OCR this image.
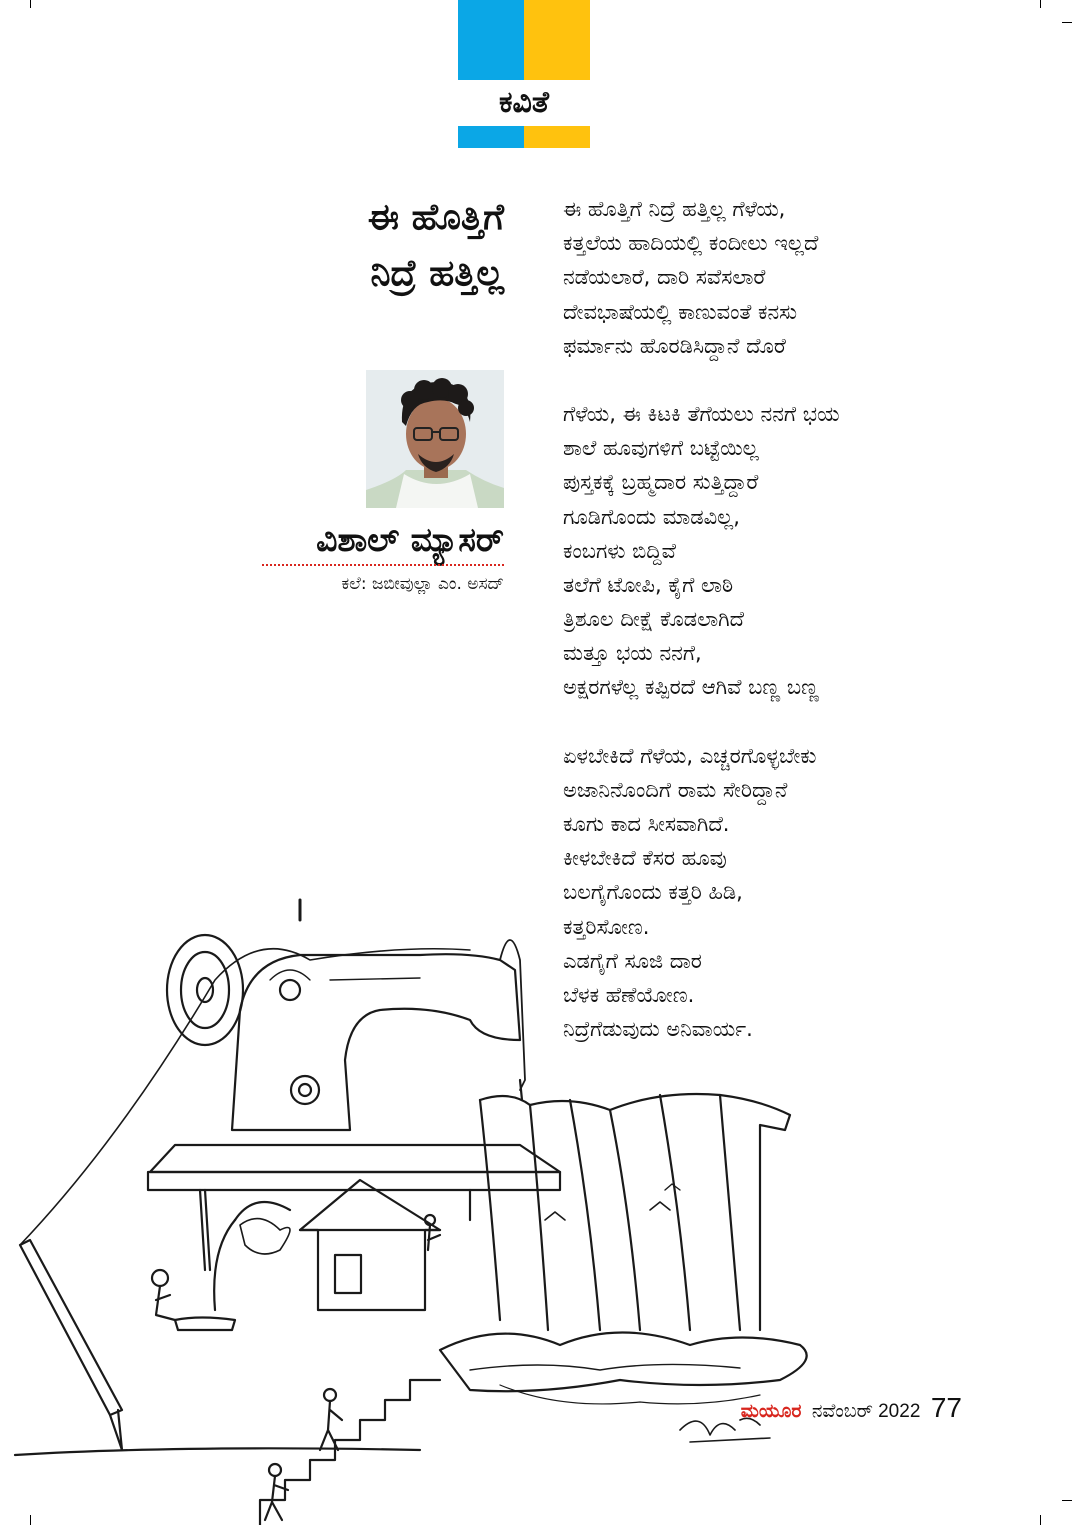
ಕವಿತೆ
ಈ ಹೊತ್ತಿಗೆ
ನಿದ್ರೆ ಹತ್ತಿಲ್ಲ
ವಿಶಾಲ್ ಮ್ಯಾಸರ್
ಕಲೆ: ಜಬೀವುಲ್ಲಾ ಎಂ. ಅಸದ್
ಈ ಹೊತ್ತಿಗೆ ನಿದ್ರೆ ಹತ್ತಿಲ್ಲ ಗೆಳೆಯ,
ಕತ್ತಲೆಯ ಹಾದಿಯಲ್ಲಿ ಕಂದೀಲು ಇಲ್ಲದೆ
ನಡೆಯಲಾರೆ, ದಾರಿ ಸವೆಸಲಾರೆ
ದೇವಭಾಷೆಯಲ್ಲಿ ಕಾಣುವಂತೆ ಕನಸು
ಫರ್ಮಾನು ಹೊರಡಿಸಿದ್ದಾನೆ ದೊರೆ
ಗೆಳೆಯ, ಈ ಕಿಟಕಿ ತೆಗೆಯಲು ನನಗೆ ಭಯ
ಶಾಲೆ ಹೂವುಗಳಿಗೆ ಬಟ್ಟೆಯಿಲ್ಲ
ಪುಸ್ತಕಕ್ಕೆ ಬ್ರಹ್ಮದಾರ ಸುತ್ತಿದ್ದಾರೆ
ಗೂಡಿಗೊಂದು ಮಾಡವಿಲ್ಲ,
ಕಂಬಗಳು ಬಿದ್ದಿವೆ
ತಲೆಗೆ ಟೋಪಿ, ಕೈಗೆ ಲಾಠಿ
ತ್ರಿಶೂಲ ದೀಕ್ಷೆ ಕೊಡಲಾಗಿದೆ
ಮತ್ತೂ ಭಯ ನನಗೆ,
ಅಕ್ಷರಗಳೆಲ್ಲ ಕಪ್ಪಿರದೆ ಆಗಿವೆ ಬಣ್ಣ ಬಣ್ಣ
ಏಳಬೇಕಿದೆ ಗೆಳೆಯ, ಎಚ್ಚರಗೊಳ್ಳಬೇಕು
ಅಜಾನಿನೊಂದಿಗೆ ರಾಮ ಸೇರಿದ್ದಾನೆ
ಕೂಗು ಕಾದ ಸೀಸವಾಗಿದೆ.
ಕೀಳಬೇಕಿದೆ ಕೆಸರ ಹೂವು
ಬಲಗೈಗೊಂದು ಕತ್ತರಿ ಹಿಡಿ,
ಕತ್ತರಿಸೋಣ.
ಎಡಗೈಗೆ ಸೂಜಿ ದಾರ
ಬೆಳಕ ಹೆಣೆಯೋಣ.
ನಿದ್ರೆಗೆಡುವುದು ಅನಿವಾರ್ಯ.
ಮಯೂರ ನವೆಂಬರ್ 2022 77
